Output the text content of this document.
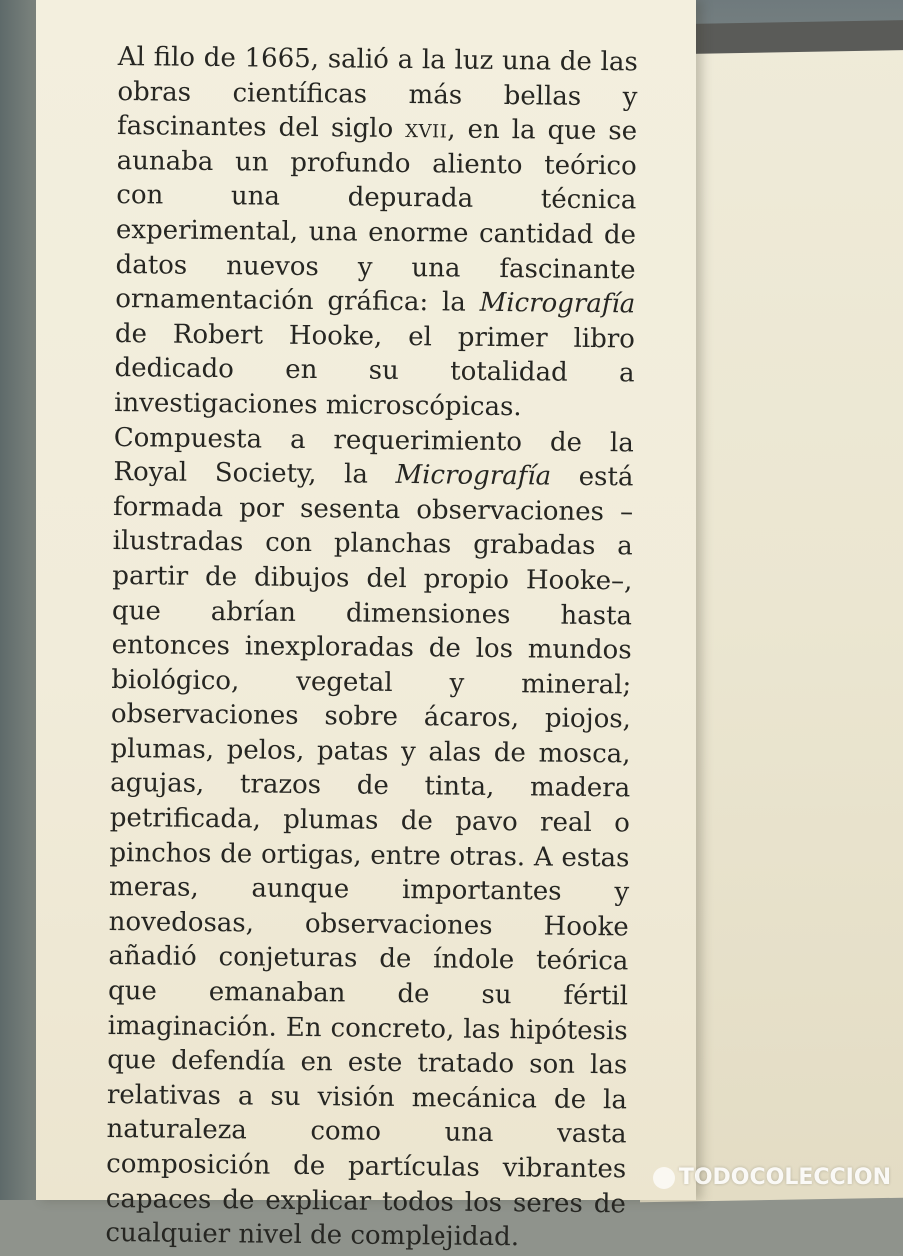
Al filo de 1665, salió a la luz una de las obras científicas más bellas y fascinantes del siglo xvii, en la que se aunaba un profundo aliento teórico con una depurada técnica experimental, una enorme cantidad de datos nuevos y una fascinante ornamentación gráfica: la Micrografía de Robert Hooke, el primer libro dedicado en su totalidad a investigaciones microscópicas.

Compuesta a requerimiento de la Royal Society, la Micrografía está formada por sesenta observaciones –ilustradas con planchas grabadas a partir de dibujos del propio Hooke–, que abrían dimensiones hasta entonces inexploradas de los mundos biológico, vegetal y mineral; observaciones sobre ácaros, piojos, plumas, pelos, patas y alas de mosca, agujas, trazos de tinta, madera petrificada, plumas de pavo real o pinchos de ortigas, entre otras. A estas meras, aunque importantes y novedosas, observaciones Hooke añadió conjeturas de índole teórica que emanaban de su fértil imaginación. En concreto, las hipótesis que defendía en este tratado son las relativas a su visión mecánica de la naturaleza como una vasta composición de partículas vibrantes capaces de explicar todos los seres de cualquier nivel de complejidad.

TODOCOLECCION
